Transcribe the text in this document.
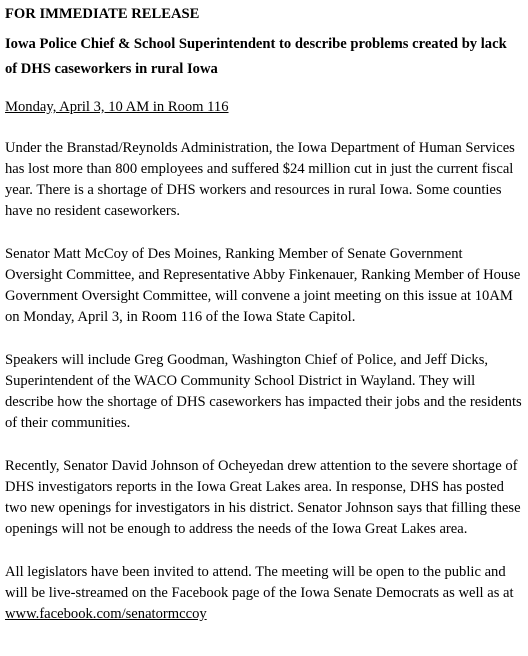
FOR IMMEDIATE RELEASE

Iowa Police Chief & School Superintendent to describe problems created by lack of DHS caseworkers in rural Iowa

Monday, April 3, 10 AM in Room 116

Under the Branstad/Reynolds Administration, the Iowa Department of Human Services has lost more than 800 employees and suffered $24 million cut in just the current fiscal year. There is a shortage of DHS workers and resources in rural Iowa. Some counties have no resident caseworkers.

Senator Matt McCoy of Des Moines, Ranking Member of Senate Government Oversight Committee, and Representative Abby Finkenauer, Ranking Member of House Government Oversight Committee, will convene a joint meeting on this issue at 10AM on Monday, April 3, in Room 116 of the Iowa State Capitol.

Speakers will include Greg Goodman, Washington Chief of Police, and Jeff Dicks, Superintendent of the WACO Community School District in Wayland. They will describe how the shortage of DHS caseworkers has impacted their jobs and the residents of their communities.

Recently, Senator David Johnson of Ocheyedan drew attention to the severe shortage of DHS investigators reports in the Iowa Great Lakes area. In response, DHS has posted two new openings for investigators in his district. Senator Johnson says that filling these openings will not be enough to address the needs of the Iowa Great Lakes area.

All legislators have been invited to attend. The meeting will be open to the public and will be live-streamed on the Facebook page of the Iowa Senate Democrats as well as at www.facebook.com/senatormccoy
